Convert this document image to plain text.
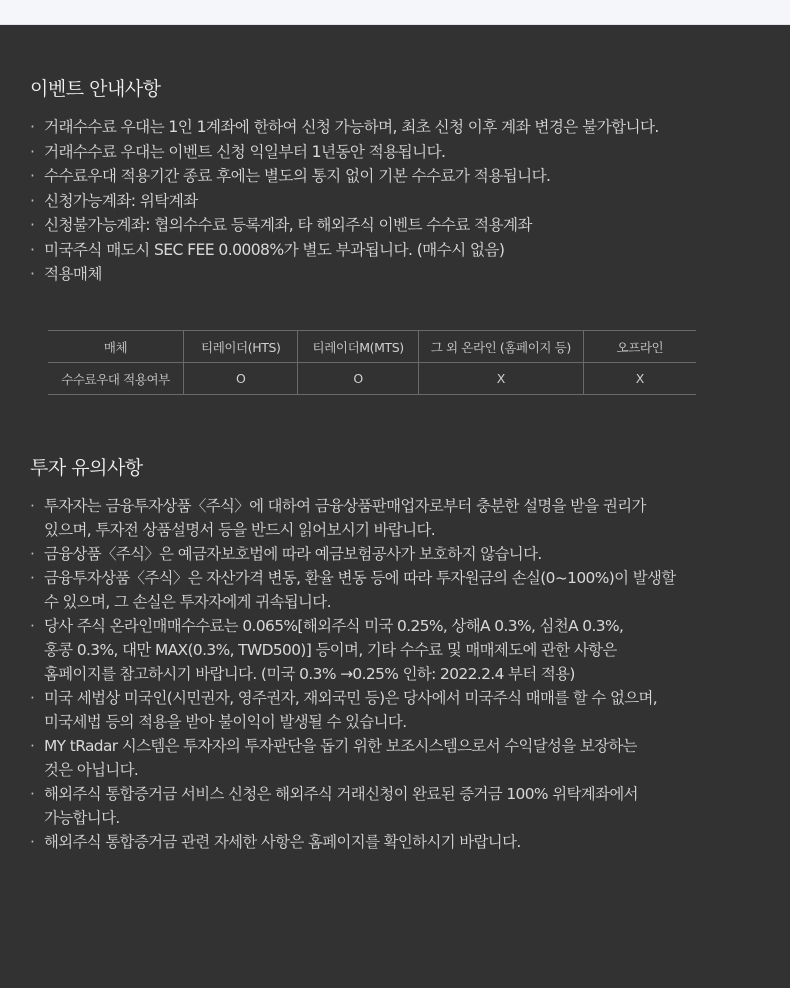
이벤트 안내사항
· 거래수수료 우대는 1인 1계좌에 한하여 신청 가능하며, 최초 신청 이후 계좌 변경은 불가합니다.
· 거래수수료 우대는 이벤트 신청 익일부터 1년동안 적용됩니다.
· 수수료우대 적용기간 종료 후에는 별도의 통지 없이 기본 수수료가 적용됩니다.
· 신청가능계좌: 위탁계좌
· 신청불가능계좌: 협의수수료 등록계좌, 타 해외주식 이벤트 수수료 적용계좌
· 미국주식 매도시 SEC FEE 0.0008%가 별도 부과됩니다. (매수시 없음)
· 적용매체
매체	티레이더(HTS)	티레이더M(MTS)	그 외 온라인 (홈페이지 등)	오프라인
수수료우대 적용여부	O	O	X	X
투자 유의사항
· 투자자는 금융투자상품〈주식〉에 대하여 금융상품판매업자로부터 충분한 설명을 받을 권리가
있으며, 투자전 상품설명서 등을 반드시 읽어보시기 바랍니다.
· 금융상품〈주식〉은 예금자보호법에 따라 예금보험공사가 보호하지 않습니다.
· 금융투자상품〈주식〉은 자산가격 변동, 환율 변동 등에 따라 투자원금의 손실(0~100%)이 발생할
수 있으며, 그 손실은 투자자에게 귀속됩니다.
· 당사 주식 온라인매매수수료는 0.065%[해외주식 미국 0.25%, 상해A 0.3%, 심천A 0.3%,
홍콩 0.3%, 대만 MAX(0.3%, TWD500)] 등이며, 기타 수수료 및 매매제도에 관한 사항은
홈페이지를 참고하시기 바랍니다. (미국 0.3% →0.25% 인하: 2022.2.4 부터 적용)
· 미국 세법상 미국인(시민권자, 영주권자, 재외국민 등)은 당사에서 미국주식 매매를 할 수 없으며,
미국세법 등의 적용을 받아 불이익이 발생될 수 있습니다.
· MY tRadar 시스템은 투자자의 투자판단을 돕기 위한 보조시스템으로서 수익달성을 보장하는
것은 아닙니다.
· 해외주식 통합증거금 서비스 신청은 해외주식 거래신청이 완료된 증거금 100% 위탁계좌에서
가능합니다.
· 해외주식 통합증거금 관련 자세한 사항은 홈페이지를 확인하시기 바랍니다.
